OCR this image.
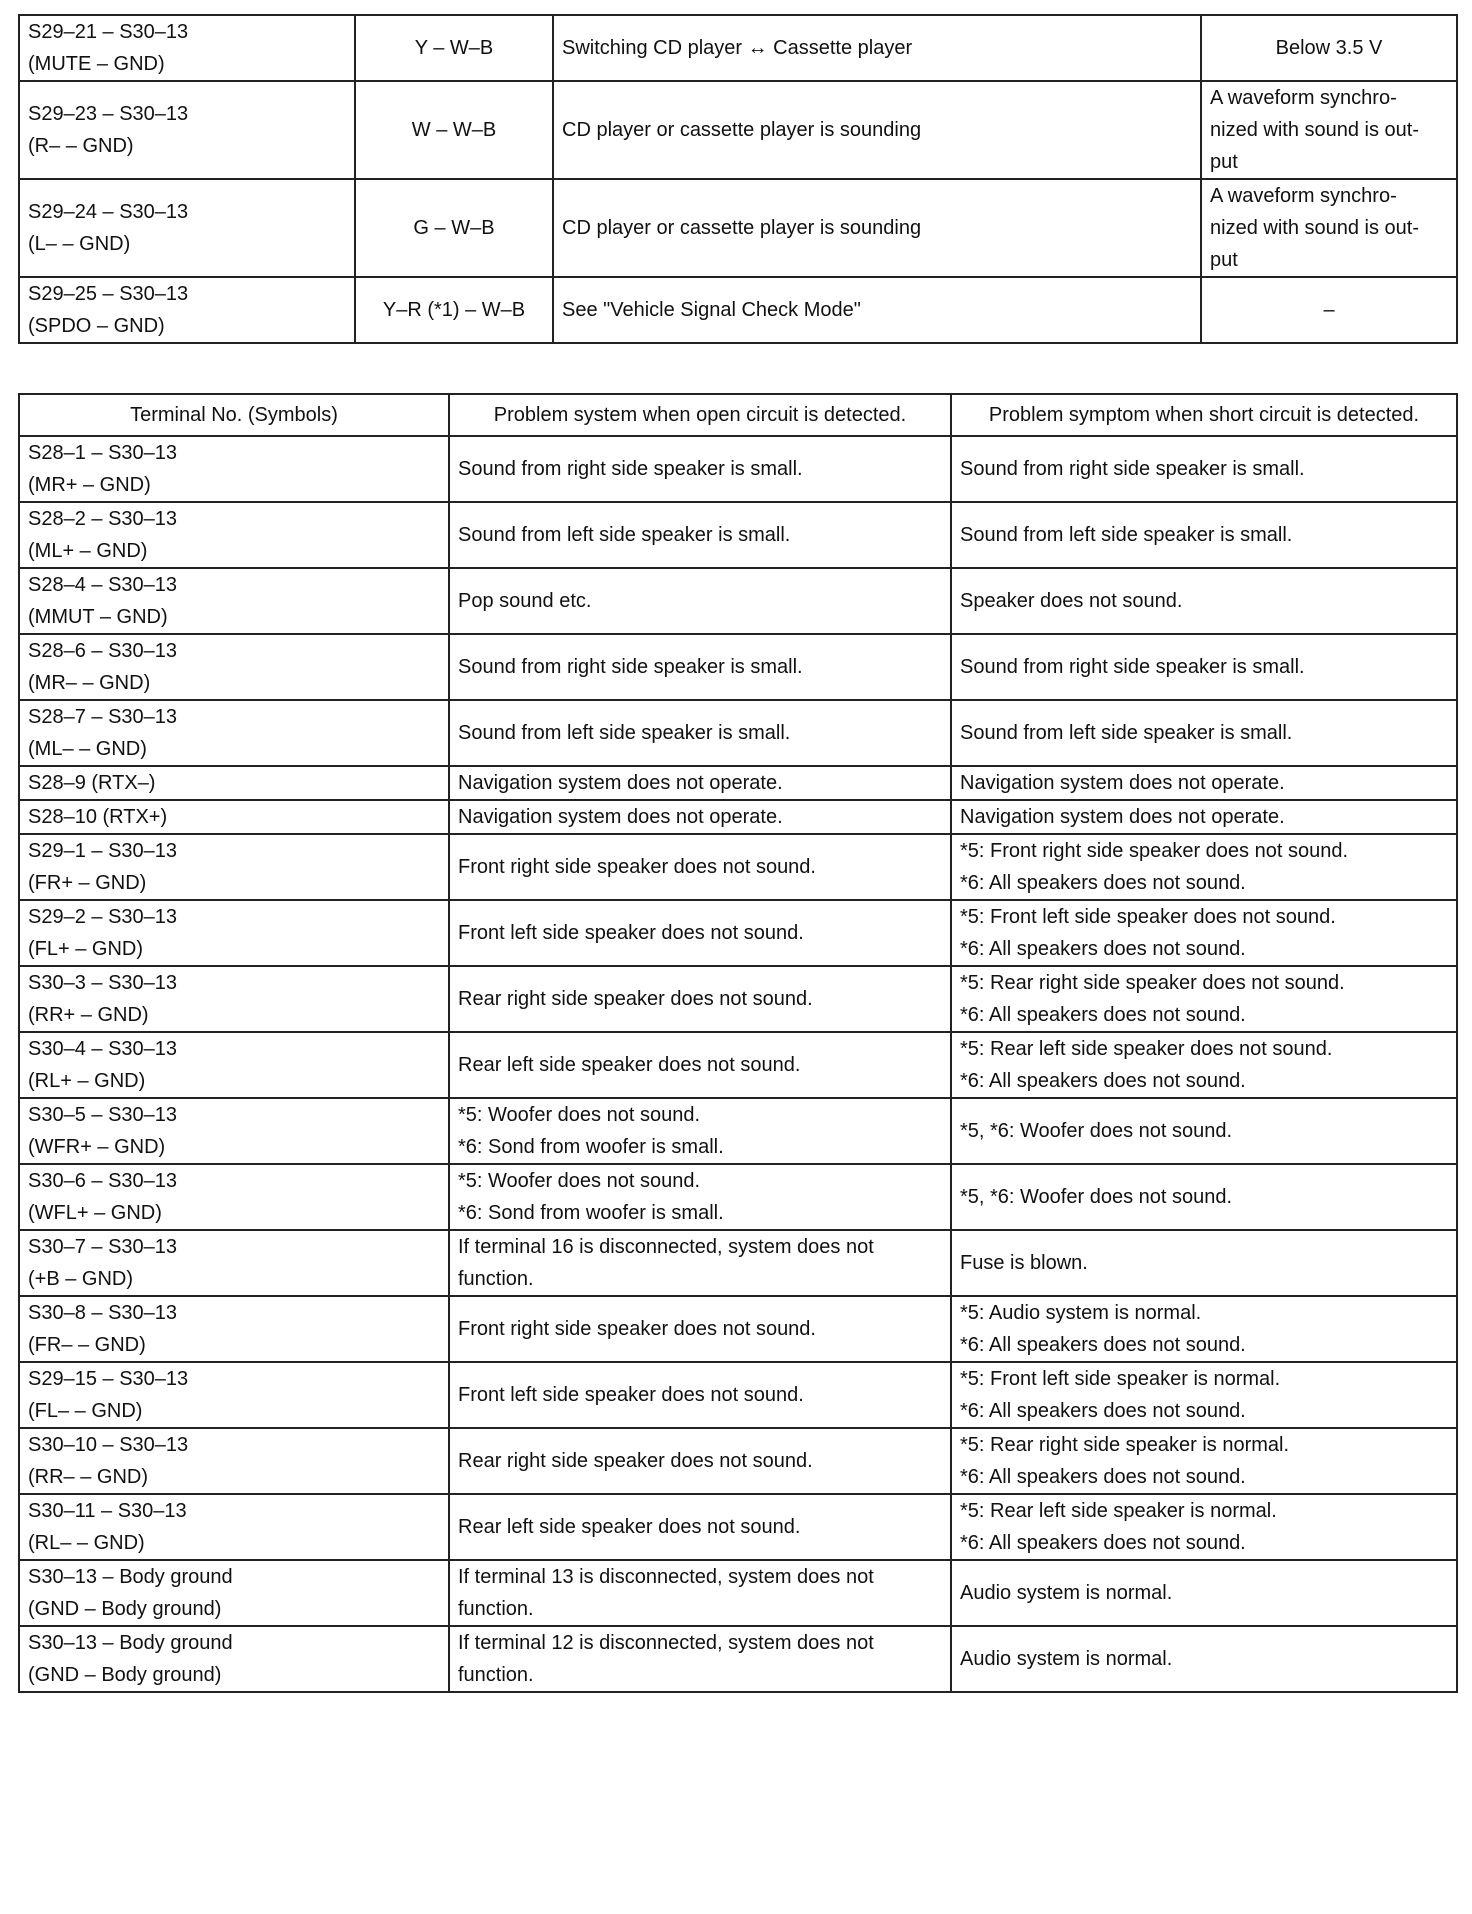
S29–21 – S30–13
(MUTE – GND)	Y – W–B	Switching CD player ↔ Cassette player	Below 3.5 V

S29–23 – S30–13
(R– – GND)	W – W–B	CD player or cassette player is sounding	A waveform synchro-
nized with sound is out-
put

S29–24 – S30–13
(L– – GND)	G – W–B	CD player or cassette player is sounding	A waveform synchro-
nized with sound is out-
put

S29–25 – S30–13
(SPDO – GND)	Y–R (*1) – W–B	See "Vehicle Signal Check Mode"	–
Terminal No. (Symbols)	Problem system when open circuit is detected.	Problem symptom when short circuit is detected.

S28–1 – S30–13
(MR+ – GND)	Sound from right side speaker is small.	Sound from right side speaker is small.

S28–2 – S30–13
(ML+ – GND)	Sound from left side speaker is small.	Sound from left side speaker is small.

S28–4 – S30–13
(MMUT – GND)	Pop sound etc.	Speaker does not sound.

S28–6 – S30–13
(MR– – GND)	Sound from right side speaker is small.	Sound from right side speaker is small.

S28–7 – S30–13
(ML– – GND)	Sound from left side speaker is small.	Sound from left side speaker is small.

S28–9 (RTX–)	Navigation system does not operate.	Navigation system does not operate.

S28–10 (RTX+)	Navigation system does not operate.	Navigation system does not operate.

S29–1 – S30–13
(FR+ – GND)	Front right side speaker does not sound.	*5: Front right side speaker does not sound.
*6: All speakers does not sound.

S29–2 – S30–13
(FL+ – GND)	Front left side speaker does not sound.	*5: Front left side speaker does not sound.
*6: All speakers does not sound.

S30–3 – S30–13
(RR+ – GND)	Rear right side speaker does not sound.	*5: Rear right side speaker does not sound.
*6: All speakers does not sound.

S30–4 – S30–13
(RL+ – GND)	Rear left side speaker does not sound.	*5: Rear left side speaker does not sound.
*6: All speakers does not sound.

S30–5 – S30–13
(WFR+ – GND)	*5: Woofer does not sound.
*6: Sond from woofer is small.	*5, *6: Woofer does not sound.

S30–6 – S30–13
(WFL+ – GND)	*5: Woofer does not sound.
*6: Sond from woofer is small.	*5, *6: Woofer does not sound.

S30–7 – S30–13
(+B – GND)	If terminal 16 is disconnected, system does not
function.	Fuse is blown.

S30–8 – S30–13
(FR– – GND)	Front right side speaker does not sound.	*5: Audio system is normal.
*6: All speakers does not sound.

S29–15 – S30–13
(FL– – GND)	Front left side speaker does not sound.	*5: Front left side speaker is normal.
*6: All speakers does not sound.

S30–10 – S30–13
(RR– – GND)	Rear right side speaker does not sound.	*5: Rear right side speaker is normal.
*6: All speakers does not sound.

S30–11 – S30–13
(RL– – GND)	Rear left side speaker does not sound.	*5: Rear left side speaker is normal.
*6: All speakers does not sound.

S30–13 – Body ground
(GND – Body ground)	If terminal 13 is disconnected, system does not
function.	Audio system is normal.

S30–13 – Body ground
(GND – Body ground)	If terminal 12 is disconnected, system does not
function.	Audio system is normal.
